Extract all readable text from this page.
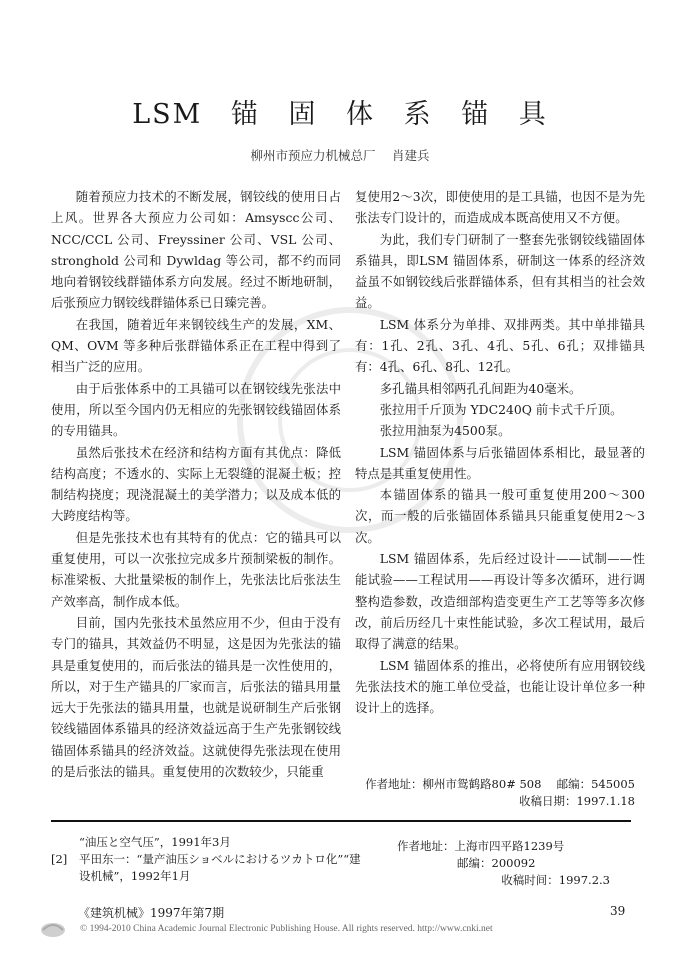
LSM 锚 固 体 系 锚 具
柳州市预应力机械总厂 　肖建兵

随着预应力技术的不断发展，钢铰线的使用日占上风。世界各大预应力公司如：Amsyscc公司、NCC/CCL 公司、Freyssiner 公司、VSL 公司、stronghold 公司和 Dywldag 等公司，都不约而同地向着钢铰线群锚体系方向发展。经过不断地研制，后张预应力钢铰线群锚体系已日臻完善。

在我国，随着近年来钢铰线生产的发展，XM、QM、OVM 等多种后张群锚体系正在工程中得到了相当广泛的应用。

由于后张体系中的工具锚可以在钢铰线先张法中使用，所以至今国内仍无相应的先张钢铰线锚固体系的专用锚具。

虽然后张技术在经济和结构方面有其优点：降低结构高度；不透水的、实际上无裂缝的混凝土板；控制结构挠度；现浇混凝土的美学潜力；以及成本低的大跨度结构等。

但是先张技术也有其特有的优点：它的锚具可以重复使用，可以一次张拉完成多片预制梁板的制作。标准梁板、大批量梁板的制作上，先张法比后张法生产效率高，制作成本低。

目前，国内先张技术虽然应用不少，但由于没有专门的锚具，其效益仍不明显，这是因为先张法的锚具是重复使用的，而后张法的锚具是一次性使用的，所以，对于生产锚具的厂家而言，后张法的锚具用量远大于先张法的锚具用量，也就是说研制生产后张钢铰线锚固体系锚具的经济效益远高于生产先张钢铰线锚固体系锚具的经济效益。这就使得先张法现在使用的是后张法的锚具。重复使用的次数较少，只能重

复使用2～3次，即使使用的是工具锚，也因不是为先张法专门设计的，而造成成本既高使用又不方便。

为此，我们专门研制了一整套先张钢铰线锚固体系锚具，即LSM 锚固体系，研制这一体系的经济效益虽不如钢铰线后张群锚体系，但有其相当的社会效益。

LSM 体系分为单排、双排两类。其中单排锚具有：1孔、2孔、3孔、4孔、5孔、6孔；双排锚具有：4孔、6孔、8孔、12孔。

多孔锚具相邻两孔孔间距为40毫米。

张拉用千斤顶为 YDC240Q 前卡式千斤顶。

张拉用油泵为4500泵。

LSM 锚固体系与后张锚固体系相比，最显著的特点是其重复使用性。

本锚固体系的锚具一般可重复使用200～300次，而一般的后张锚固体系锚具只能重复使用2～3次。

LSM 锚固体系，先后经过设计——试制——性能试验——工程试用——再设计等多次循环，进行调整构造参数，改造细部构造变更生产工艺等等多次修改，前后历经几十束性能试验，多次工程试用，最后取得了满意的结果。

LSM 锚固体系的推出，必将使所有应用钢铰线先张法技术的施工单位受益，也能让设计单位多一种设计上的选择。

作者地址：柳州市鸳鹤路80# 508 　邮编：545005
收稿日期：1997.1.18
“油压と空气压”，1991年3月
[2]	平田东一：“量产油压ショベルにおけるツカトロ化”“建设机械”，1992年1月
作者地址：上海市四平路1239号
邮编：200092
收稿时间：1997.2.3
《建筑机械》1997年第7期	39
© 1994-2010 China Academic Journal Electronic Publishing House. All rights reserved. http://www.cnki.net
